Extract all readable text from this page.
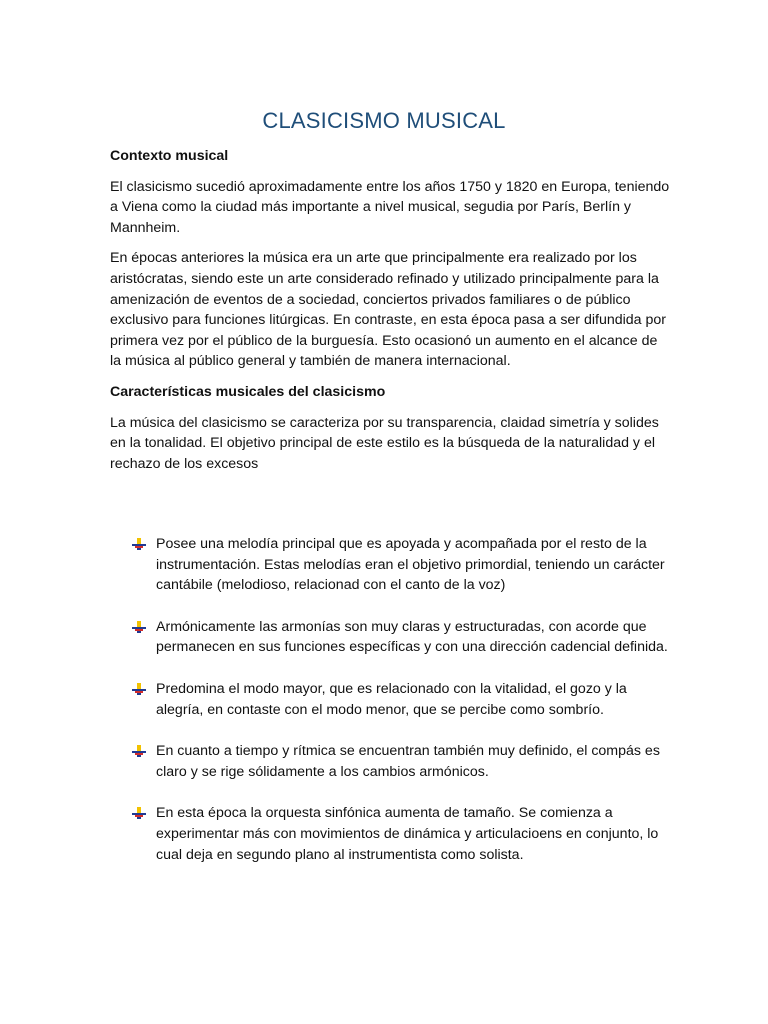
CLASICISMO MUSICAL
Contexto musical

El clasicismo sucedió aproximadamente entre los años 1750 y 1820 en Europa, teniendo a Viena como la ciudad más importante a nivel musical, segudia por París, Berlín y Mannheim.

En épocas anteriores la música era un arte que principalmente era realizado por los aristócratas, siendo este un arte considerado refinado y utilizado principalmente para la amenización de eventos de a sociedad, conciertos privados familiares o de público exclusivo para funciones litúrgicas. En contraste, en esta época pasa a ser difundida por primera vez por el público de la burguesía. Esto ocasionó un aumento en el alcance de la música al público general y también de manera internacional.

Características musicales del clasicismo

La música del clasicismo se caracteriza por su transparencia, claidad simetría y solides en la tonalidad. El objetivo principal de este estilo es la búsqueda de la naturalidad y el rechazo de los excesos

Posee una melodía principal que es apoyada y acompañada por el resto de la instrumentación. Estas melodías eran el objetivo primordial, teniendo un carácter cantábile (melodioso, relacionad con el canto de la voz)
Armónicamente las armonías son muy claras y estructuradas, con acorde que permanecen en sus funciones específicas y con una dirección cadencial definida.
Predomina el modo mayor, que es relacionado con la vitalidad, el gozo y la alegría, en contaste con el modo menor, que se percibe como sombrío.
En cuanto a tiempo y rítmica se encuentran también muy definido, el compás es claro y se rige sólidamente a los cambios armónicos.
En esta época la orquesta sinfónica aumenta de tamaño. Se comienza a experimentar más con movimientos de dinámica y articulacioens en conjunto, lo cual deja en segundo plano al instrumentista como solista.
